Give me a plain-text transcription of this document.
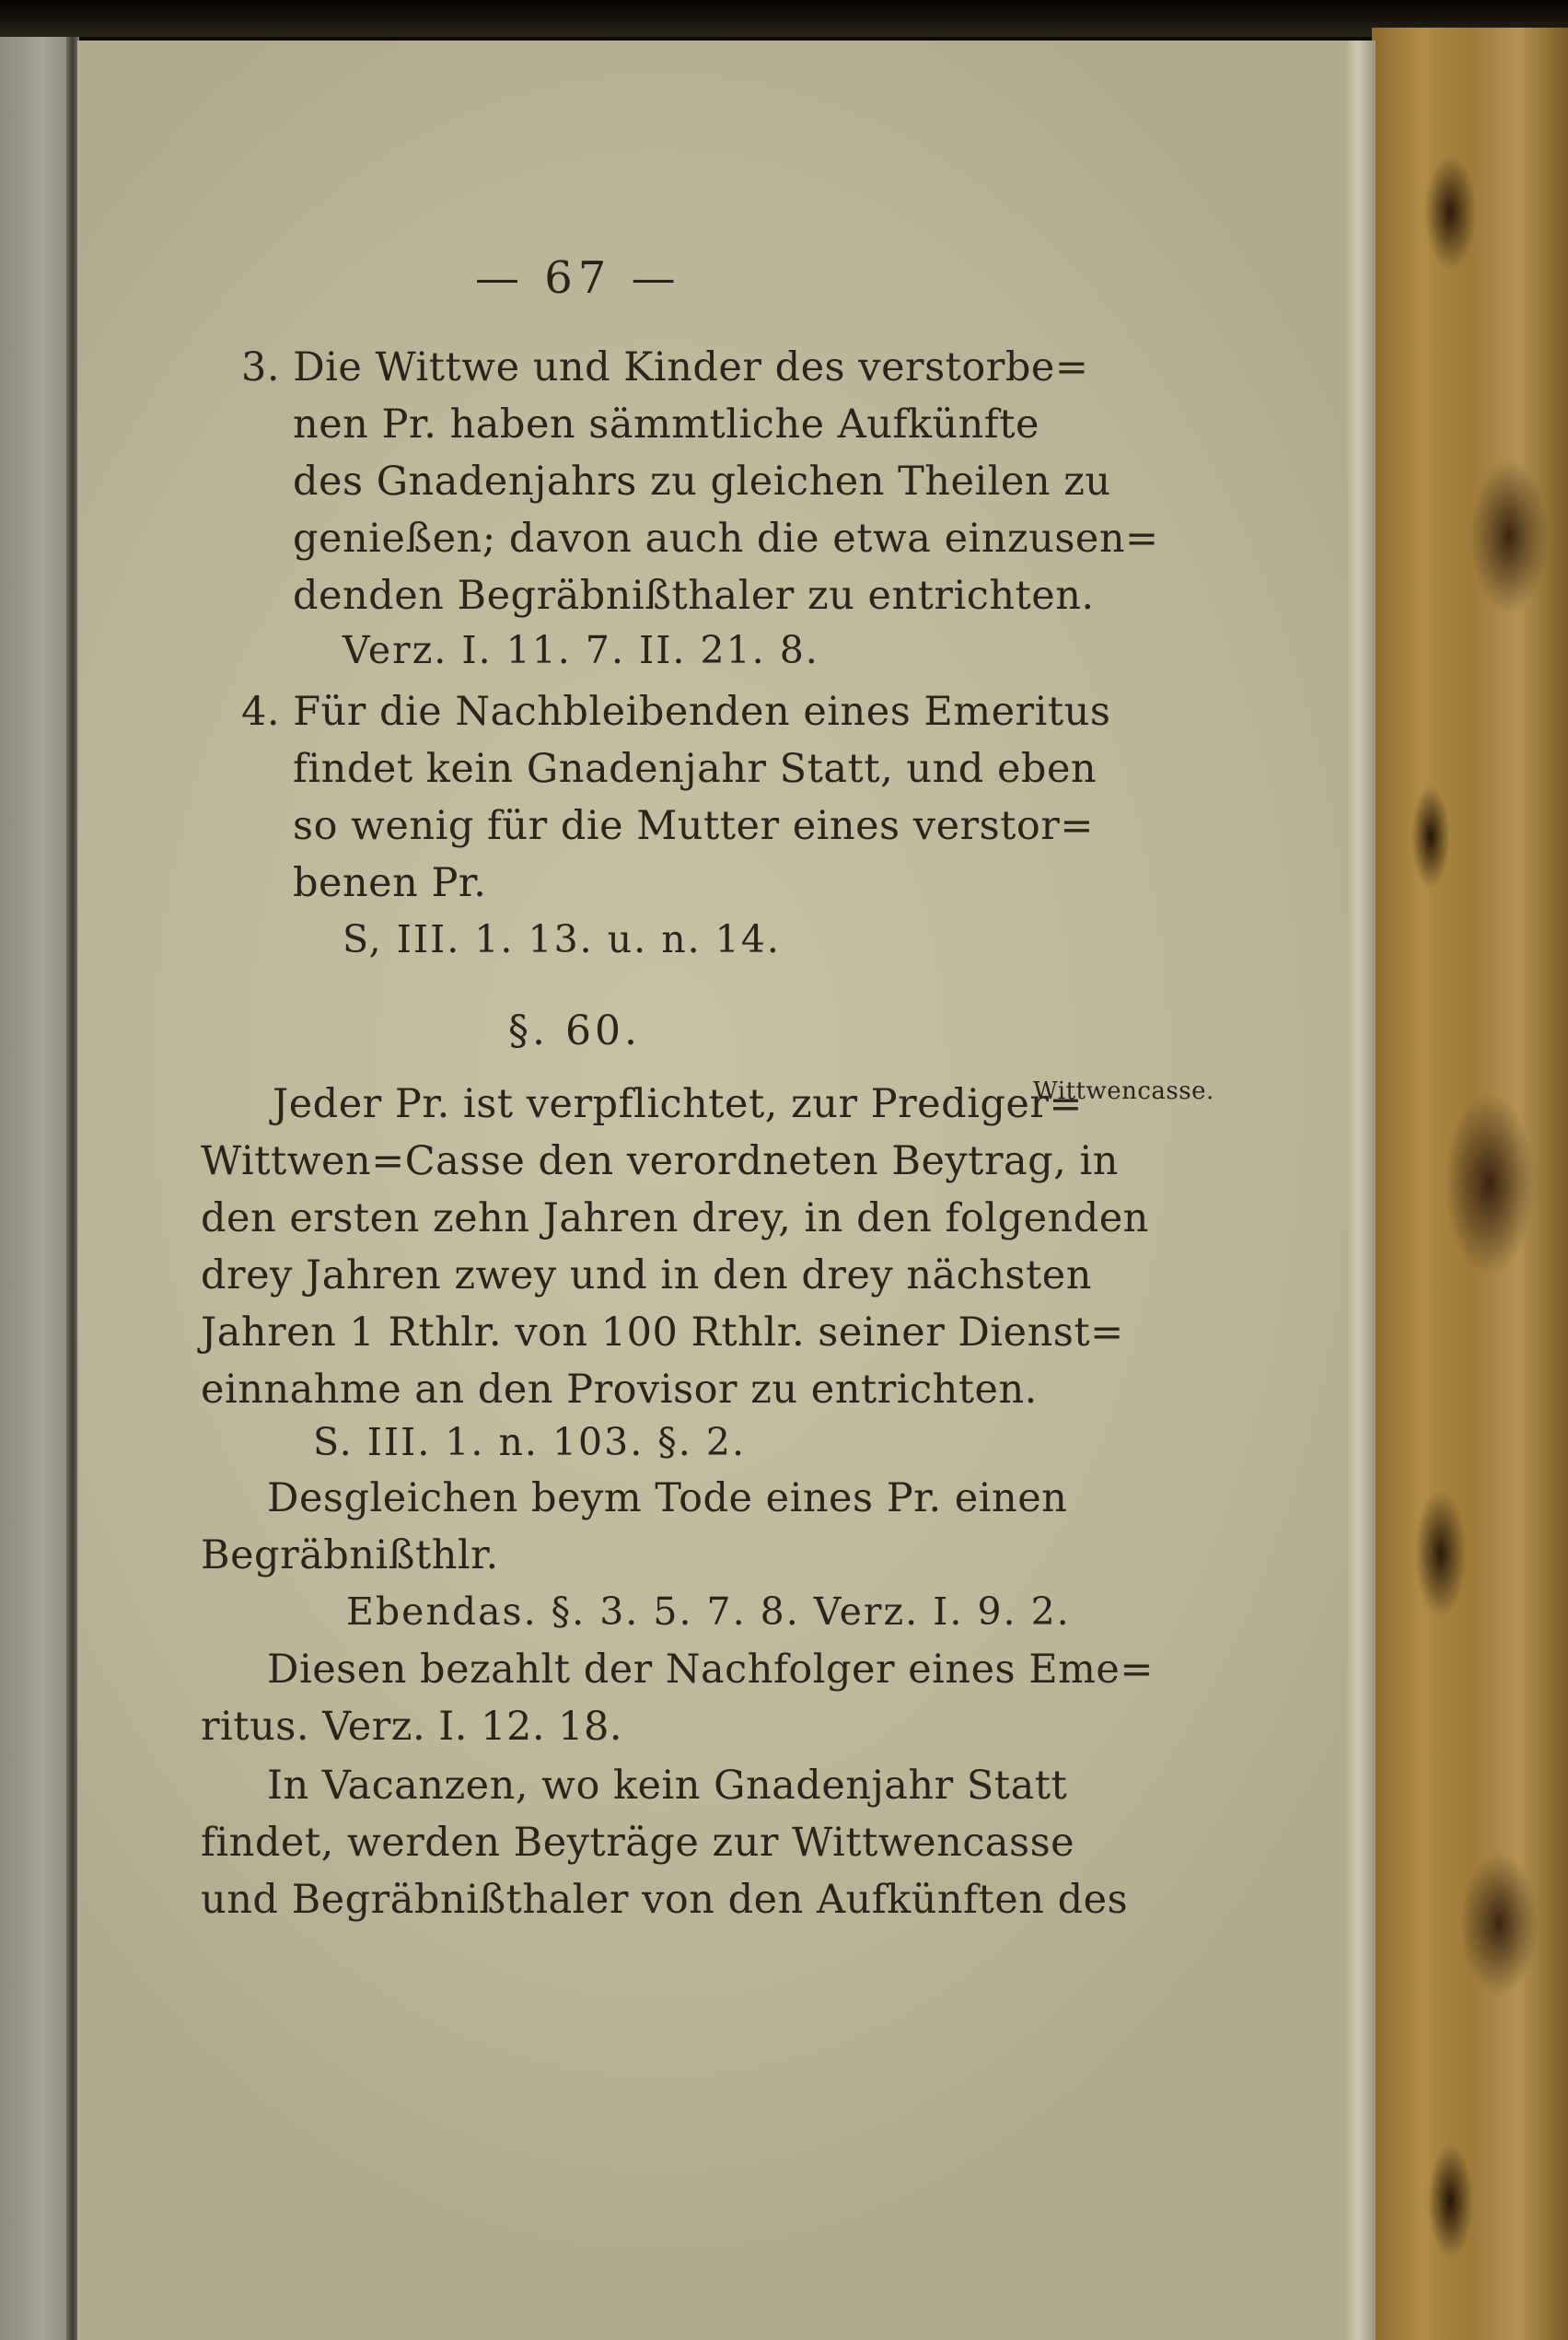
— 67 —
3. Die Wittwe und Kinder des verstorbe=
nen Pr. haben sämmtliche Aufkünfte
des Gnadenjahrs zu gleichen Theilen zu
genießen; davon auch die etwa einzusen=
denden Begräbnißthaler zu entrichten.
Verz. I. 11. 7. II. 21. 8.
4. Für die Nachbleibenden eines Emeritus
findet kein Gnadenjahr Statt, und eben
so wenig für die Mutter eines verstor=
benen Pr.
S, III. 1. 13. u. n. 14.
§. 60.
Wittwencasse.
Jeder Pr. ist verpflichtet, zur Prediger=
Wittwen=Casse den verordneten Beytrag, in
den ersten zehn Jahren drey, in den folgenden
drey Jahren zwey und in den drey nächsten
Jahren 1 Rthlr. von 100 Rthlr. seiner Dienst=
einnahme an den Provisor zu entrichten.
S. III. 1. n. 103. §. 2.
Desgleichen beym Tode eines Pr. einen
Begräbnißthlr.
Ebendas. §. 3. 5. 7. 8. Verz. I. 9. 2.
Diesen bezahlt der Nachfolger eines Eme=
ritus. Verz. I. 12. 18.
In Vacanzen, wo kein Gnadenjahr Statt
findet, werden Beyträge zur Wittwencasse
und Begräbnißthaler von den Aufkünften des
